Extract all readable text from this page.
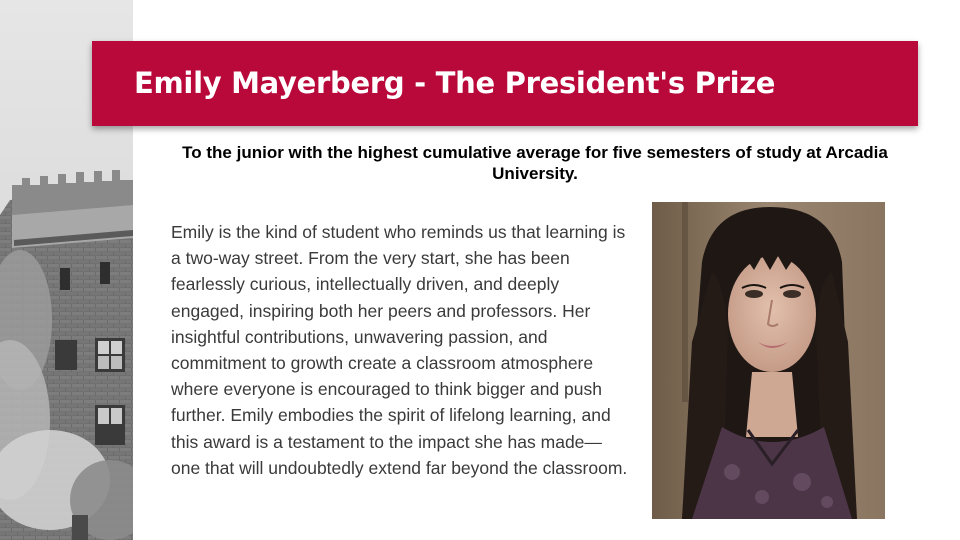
Emily Mayerberg - The President's Prize
To the junior with the highest cumulative average for five semesters of study at Arcadia University.
Emily is the kind of student who reminds us that learning is a two-way street. From the very start, she has been fearlessly curious, intellectually driven, and deeply engaged, inspiring both her peers and professors. Her insightful contributions, unwavering passion, and commitment to growth create a classroom atmosphere where everyone is encouraged to think bigger and push further. Emily embodies the spirit of lifelong learning, and this award is a testament to the impact she has made—one that will undoubtedly extend far beyond the classroom.
